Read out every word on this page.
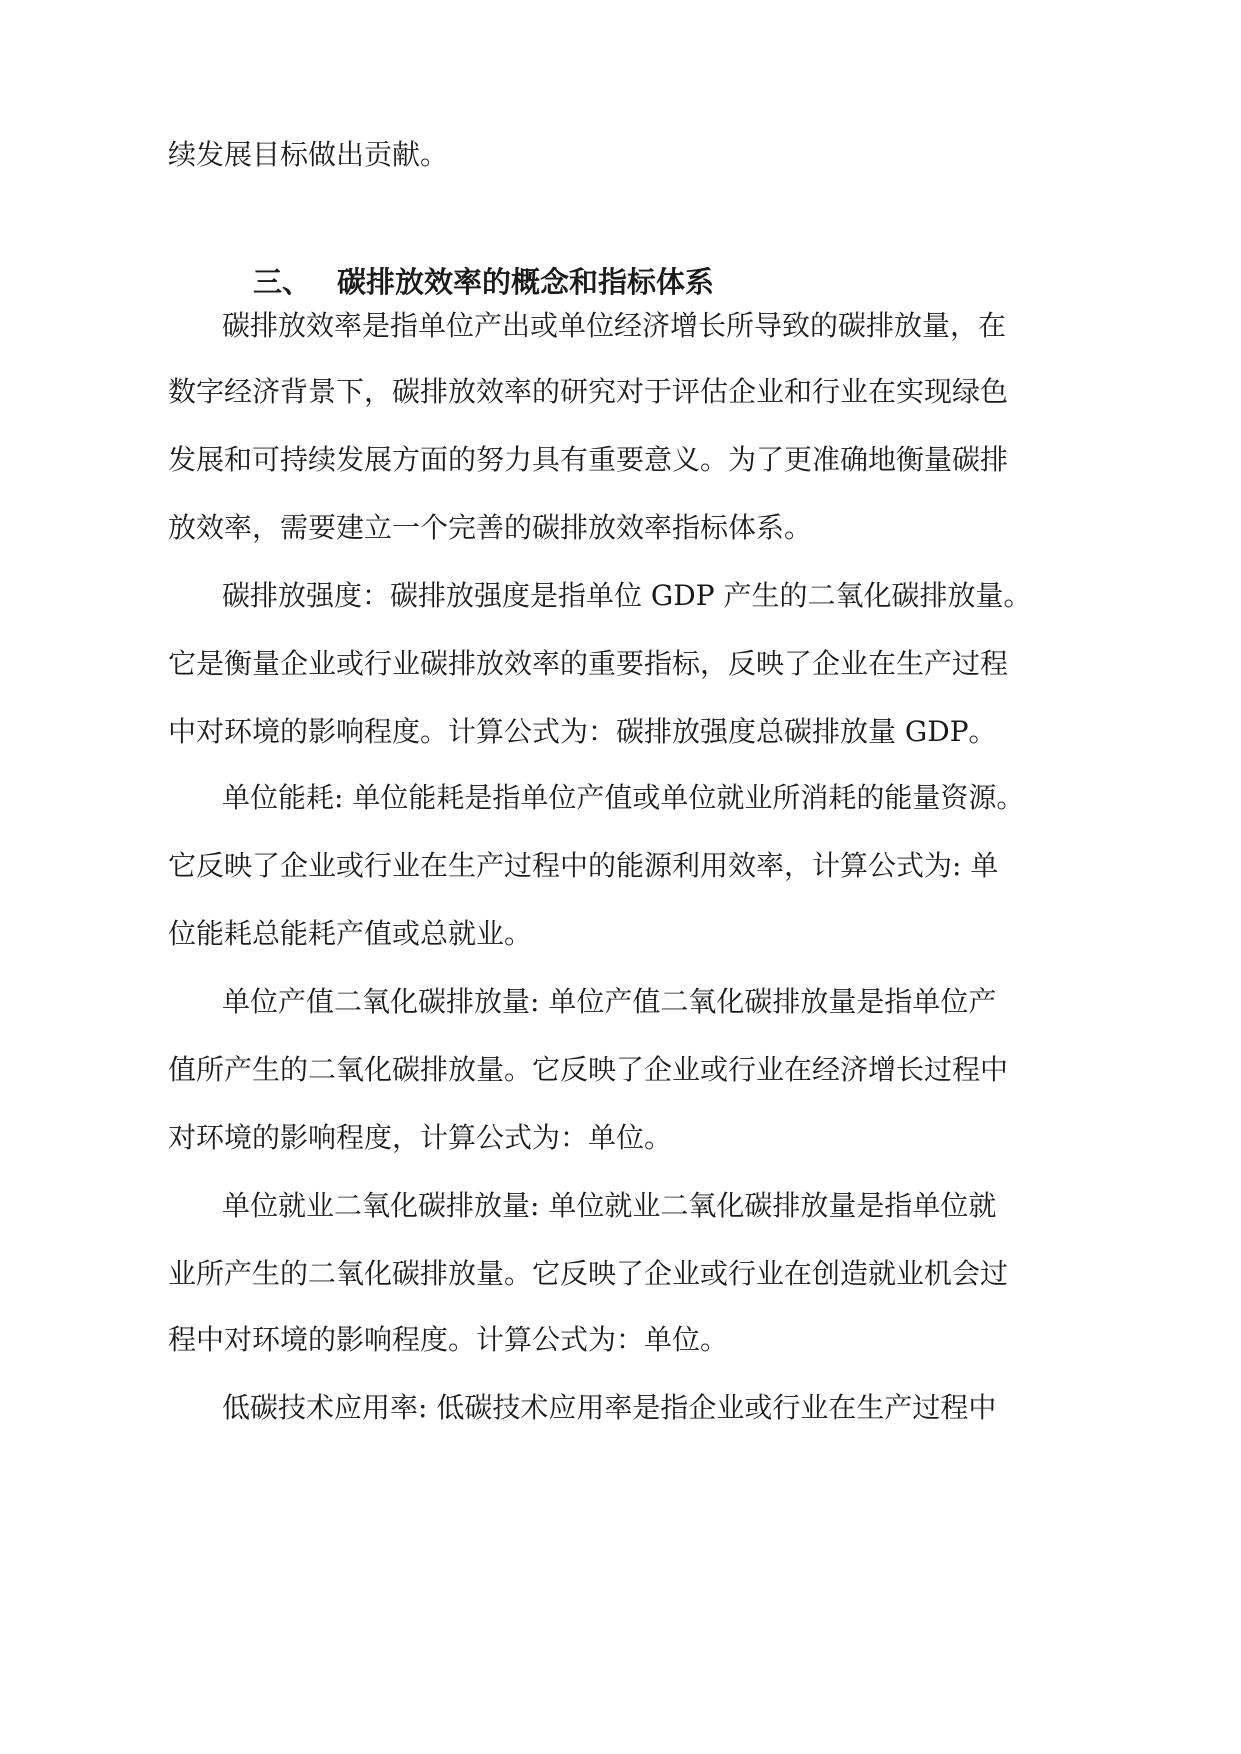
续发展目标做出贡献。
三、 碳排放效率的概念和指标体系
碳排放效率是指单位产出或单位经济增长所导致的碳排放量，在
数字经济背景下，碳排放效率的研究对于评估企业和行业在实现绿色
发展和可持续发展方面的努力具有重要意义。为了更准确地衡量碳排
放效率，需要建立一个完善的碳排放效率指标体系。
碳排放强度：碳排放强度是指单位 GDP 产生的二氧化碳排放量。
它是衡量企业或行业碳排放效率的重要指标，反映了企业在生产过程
中对环境的影响程度。计算公式为：碳排放强度总碳排放量 GDP。
单位能耗: 单位能耗是指单位产值或单位就业所消耗的能量资源。
它反映了企业或行业在生产过程中的能源利用效率，计算公式为: 单
位能耗总能耗产值或总就业。
单位产值二氧化碳排放量: 单位产值二氧化碳排放量是指单位产
值所产生的二氧化碳排放量。它反映了企业或行业在经济增长过程中
对环境的影响程度，计算公式为：单位。
单位就业二氧化碳排放量: 单位就业二氧化碳排放量是指单位就
业所产生的二氧化碳排放量。它反映了企业或行业在创造就业机会过
程中对环境的影响程度。计算公式为：单位。
低碳技术应用率: 低碳技术应用率是指企业或行业在生产过程中
